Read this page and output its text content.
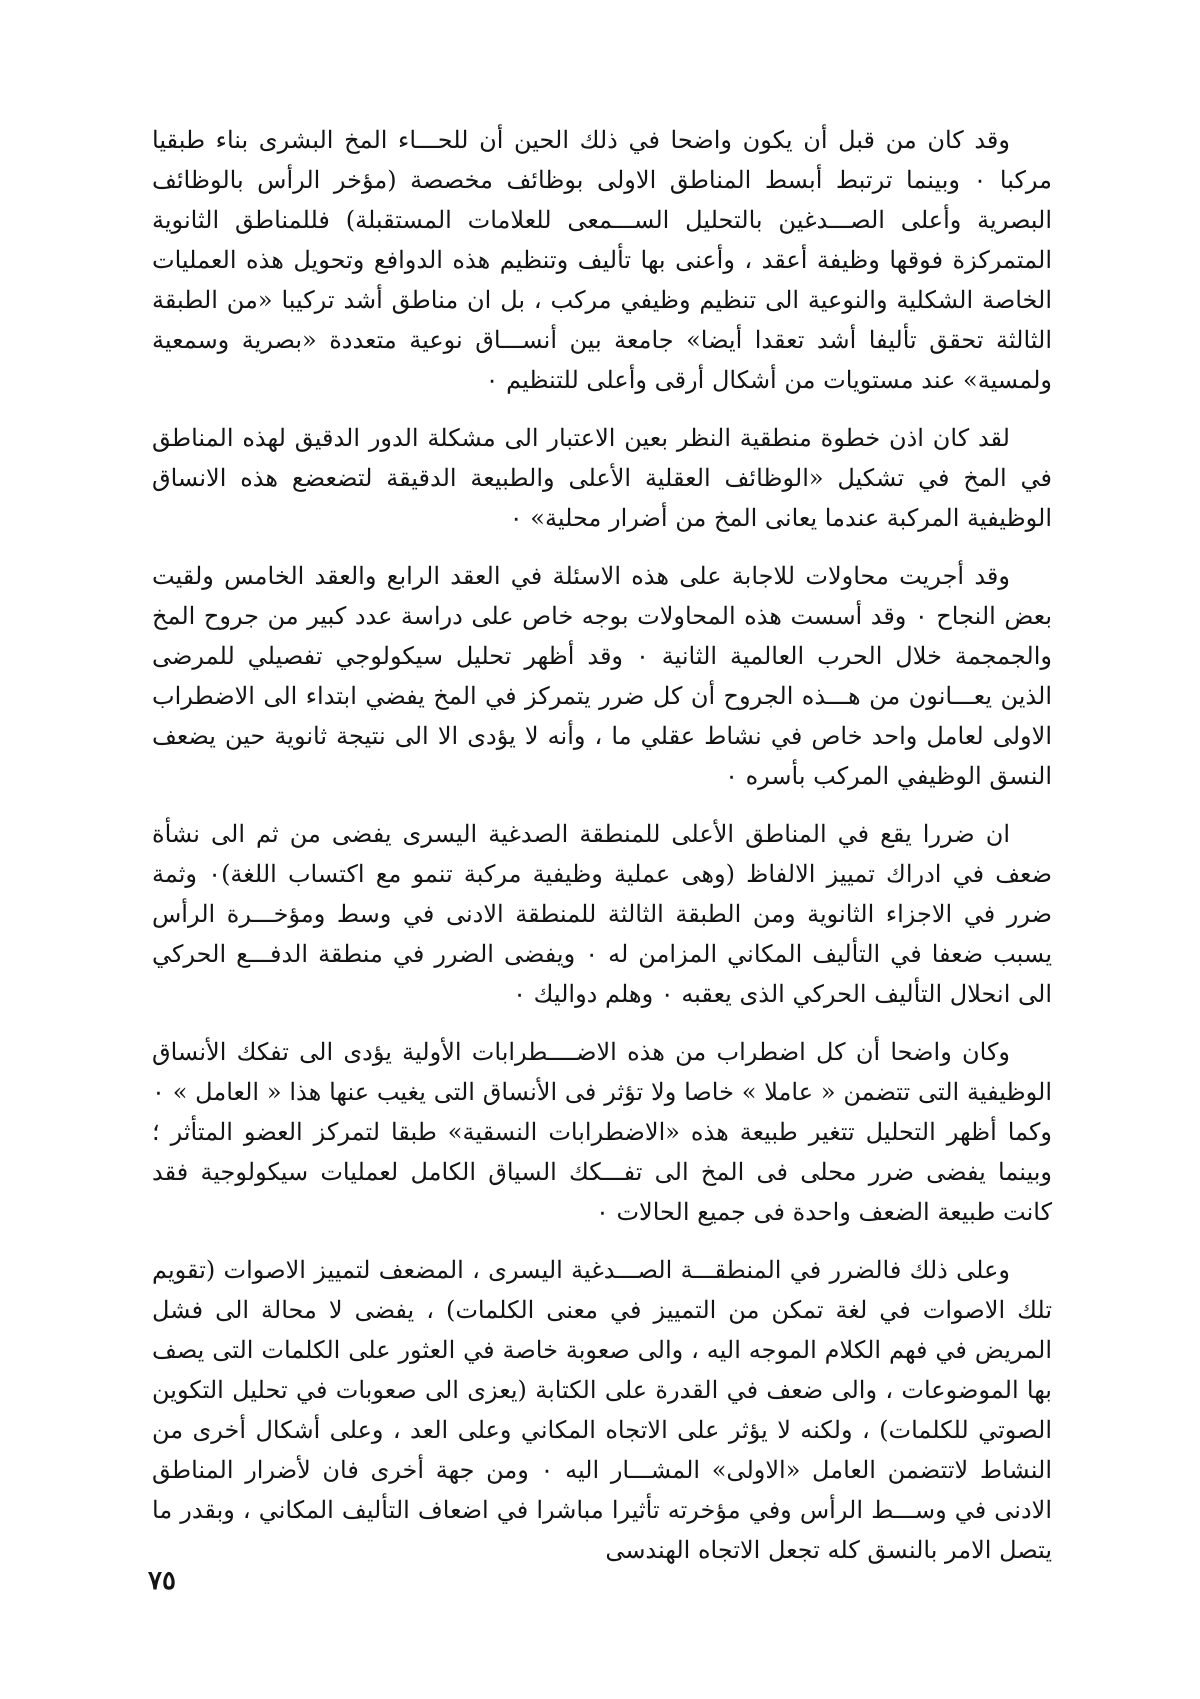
وقد كان من قبل أن يكون واضحا في ذلك الحين أن للحـــاء المخ البشرى بناء طبقيا مركبا ٠ وبينما ترتبط أبسط المناطق الاولى بوظائف مخصصة (مؤخر الرأس بالوظائف البصرية وأعلى الصـــدغين بالتحليل الســـمعى للعلامات المستقبلة) فللمناطق الثانوية المتمركزة فوقها وظيفة أعقد ، وأعنى بها تأليف وتنظيم هذه الدوافع وتحويل هذه العمليات الخاصة الشكلية والنوعية الى تنظيم وظيفي مركب ، بل ان مناطق أشد تركيبا «من الطبقة الثالثة تحقق تأليفا أشد تعقدا أيضا» جامعة بين أنســـاق نوعية متعددة «بصرية وسمعية ولمسية» عند مستويات من أشكال أرقى وأعلى للتنظيم ٠

لقد كان اذن خطوة منطقية النظر بعين الاعتبار الى مشكلة الدور الدقيق لهذه المناطق في المخ في تشكيل «الوظائف العقلية الأعلى والطبيعة الدقيقة لتضعضع هذه الانساق الوظيفية المركبة عندما يعانى المخ من أضرار محلية» ٠

وقد أجريت محاولات للاجابة على هذه الاسئلة في العقد الرابع والعقد الخامس ولقيت بعض النجاح ٠ وقد أسست هذه المحاولات بوجه خاص على دراسة عدد كبير من جروح المخ والجمجمة خلال الحرب العالمية الثانية ٠ وقد أظهر تحليل سيكولوجي تفصيلي للمرضى الذين يعـــانون من هـــذه الجروح أن كل ضرر يتمركز في المخ يفضي ابتداء الى الاضطراب الاولى لعامل واحد خاص في نشاط عقلي ما ، وأنه لا يؤدى الا الى نتيجة ثانوية حين يضعف النسق الوظيفي المركب بأسره ٠

ان ضررا يقع في المناطق الأعلى للمنطقة الصدغية اليسرى يفضى من ثم الى نشأة ضعف في ادراك تمييز الالفاظ (وهى عملية وظيفية مركبة تنمو مع اكتساب اللغة)٠ وثمة ضرر في الاجزاء الثانوية ومن الطبقة الثالثة للمنطقة الادنى في وسط ومؤخـــرة الرأس يسبب ضعفا في التأليف المكاني المزامن له ٠ ويفضى الضرر في منطقة الدفـــع الحركي الى انحلال التأليف الحركي الذى يعقبه ٠ وهلم دواليك ٠

وكان واضحا أن كل اضطراب من هذه الاضــــطرابات الأولية يؤدى الى تفكك الأنساق الوظيفية التى تتضمن « عاملا » خاصا ولا تؤثر فى الأنساق التى يغيب عنها هذا « العامل » ٠ وكما أظهر التحليل تتغير طبيعة هذه «الاضطرابات النسقية» طبقا لتمركز العضو المتأثر ؛ وبينما يفضى ضرر محلى فى المخ الى تفـــكك السياق الكامل لعمليات سيكولوجية فقد كانت طبيعة الضعف واحدة فى جميع الحالات ٠

وعلى ذلك فالضرر في المنطقـــة الصـــدغية اليسرى ، المضعف لتمييز الاصوات (تقويم تلك الاصوات في لغة تمكن من التمييز في معنى الكلمات) ، يفضى لا محالة الى فشل المريض في فهم الكلام الموجه اليه ، والى صعوبة خاصة في العثور على الكلمات التى يصف بها الموضوعات ، والى ضعف في القدرة على الكتابة (يعزى الى صعوبات في تحليل التكوين الصوتي للكلمات) ، ولكنه لا يؤثر على الاتجاه المكاني وعلى العد ، وعلى أشكال أخرى من النشاط لاتتضمن العامل «الاولى» المشـــار اليه ٠ ومن جهة أخرى فان لأضرار المناطق الادنى في وســـط الرأس وفي مؤخرته تأثيرا مباشرا في اضعاف التأليف المكاني ، وبقدر ما يتصل الامر بالنسق كله تجعل الاتجاه الهندسى

٧٥
